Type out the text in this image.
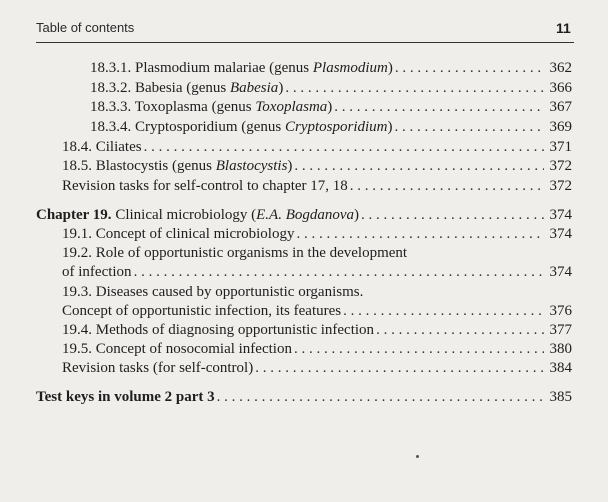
Table of contents	11
18.3.1. Plasmodium malariae (genus Plasmodium) . . .	362
18.3.2. Babesia (genus Babesia) . . .	366
18.3.3. Toxoplasma (genus Toxoplasma) . . .	367
18.3.4. Cryptosporidium (genus Cryptosporidium) . . .	369
18.4. Ciliates . . .	371
18.5. Blastocystis (genus Blastocystis) . . .	372
Revision tasks for self-control to chapter 17, 18 . . .	372
Chapter 19. Clinical microbiology (E.A. Bogdanova) . . .	374
19.1. Concept of clinical microbiology . . .	374
19.2. Role of opportunistic organisms in the development
of infection . . .	374
19.3. Diseases caused by opportunistic organisms.
Concept of opportunistic infection, its features . . .	376
19.4. Methods of diagnosing opportunistic infection . . .	377
19.5. Concept of nosocomial infection . . .	380
Revision tasks (for self-control) . . .	384
Test keys in volume 2 part 3 . . .	385
